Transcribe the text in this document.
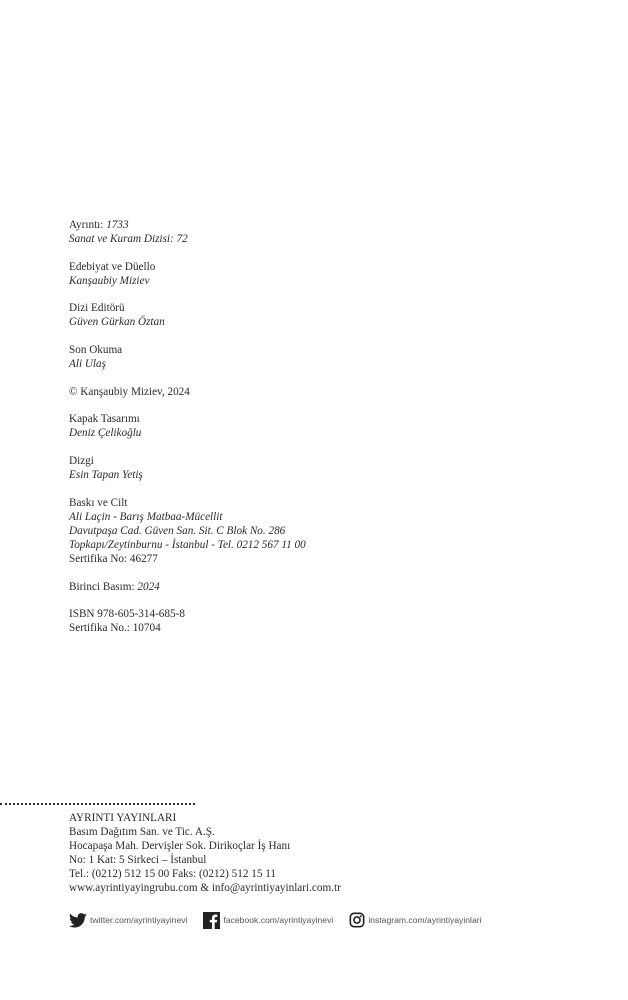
Ayrıntı: 1733
Sanat ve Kuram Dizisi: 72
Edebiyat ve Düello
Kanşaubiy Miziev
Dizi Editörü
Güven Gürkan Öztan
Son Okuma
Ali Ulaş
© Kanşaubiy Miziev, 2024
Kapak Tasarımı
Deniz Çelikoğlu
Dizgi
Esin Tapan Yetiş
Baskı ve Cilt
Ali Laçin - Barış Matbaa-Mücellit
Davutpaşa Cad. Güven San. Sit. C Blok No. 286
Topkapı/Zeytinburnu - İstanbul - Tel. 0212 567 11 00
Sertifika No: 46277
Birinci Basım: 2024
ISBN 978-605-314-685-8
Sertifika No.: 10704
AYRINTI YAYINLARI
Basım Dağıtım San. ve Tic. A.Ş.
Hocapaşa Mah. Dervişler Sok. Dirikoçlar İş Hanı
No: 1 Kat: 5 Sirkeci – İstanbul
Tel.: (0212) 512 15 00 Faks: (0212) 512 15 11
www.ayrintiyayingrubu.com & info@ayrintiyayinlari.com.tr
twitter.com/ayrintiyayinevi	facebook.com/ayrintiyayinevi	instagram.com/ayrintiyayinlari
